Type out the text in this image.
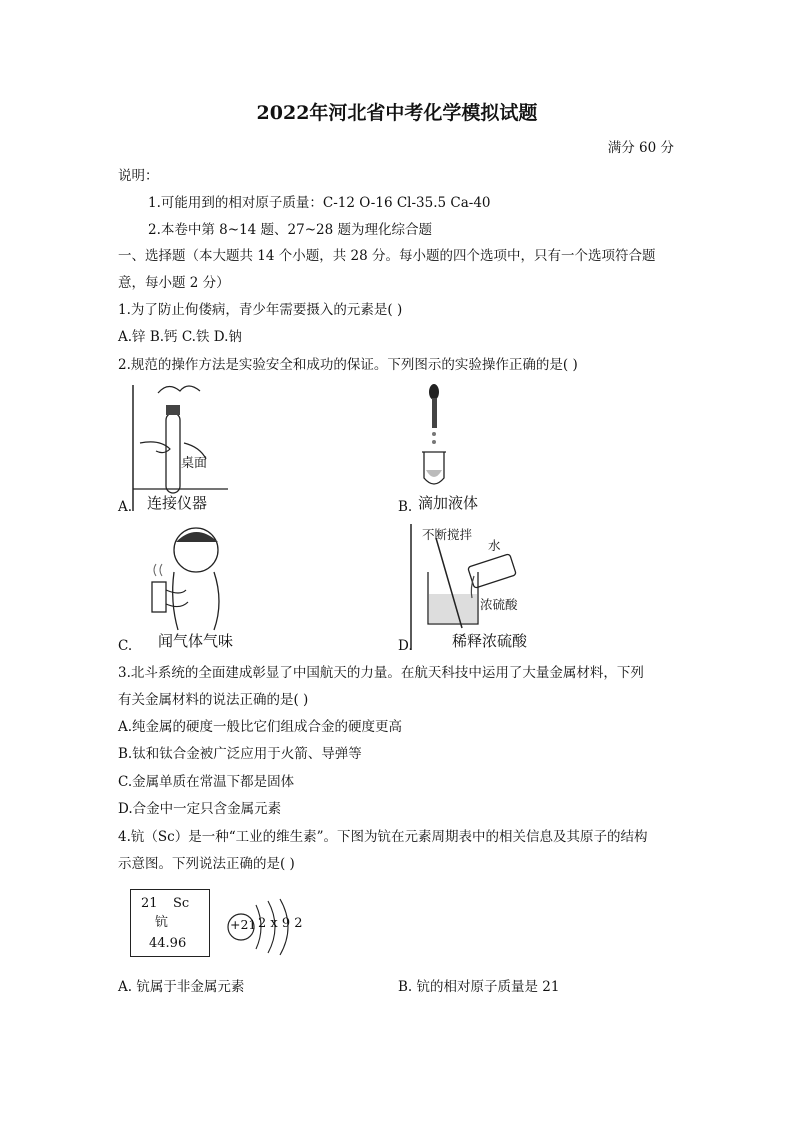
2022年河北省中考化学模拟试题
满分 60 分
说明：
1.可能用到的相对原子质量：C-12 O-16 Cl-35.5 Ca-40
2.本卷中第 8~14 题、27~28 题为理化综合题
一、选择题（本大题共 14 个小题，共 28 分。每小题的四个选项中，只有一个选项符合题
意，每小题 2 分）
1.为了防止佝偻病，青少年需要摄入的元素是( )
A.锌 B.钙 C.铁 D.钠
2.规范的操作方法是实验安全和成功的保证。下列图示的实验操作正确的是( )
A.
桌面
连接仪器	B. 滴加液体
C. 闻气体气味	D.
不断搅拌
水
浓硫酸
稀释浓硫酸
3.北斗系统的全面建成彰显了中国航天的力量。在航天科技中运用了大量金属材料，下列
有关金属材料的说法正确的是( )
A.纯金属的硬度一般比它们组成合金的硬度更高
B.钛和钛合金被广泛应用于火箭、导弹等
C.金属单质在常温下都是固体
D.合金中一定只含金属元素
4.钪（Sc）是一种“工业的维生素”。下图为钪在元素周期表中的相关信息及其原子的结构
示意图。下列说法正确的是( )
21 Sc
钪
44.96
+21 2 x 9 2
A. 钪属于非金属元素	B. 钪的相对原子质量是 21
